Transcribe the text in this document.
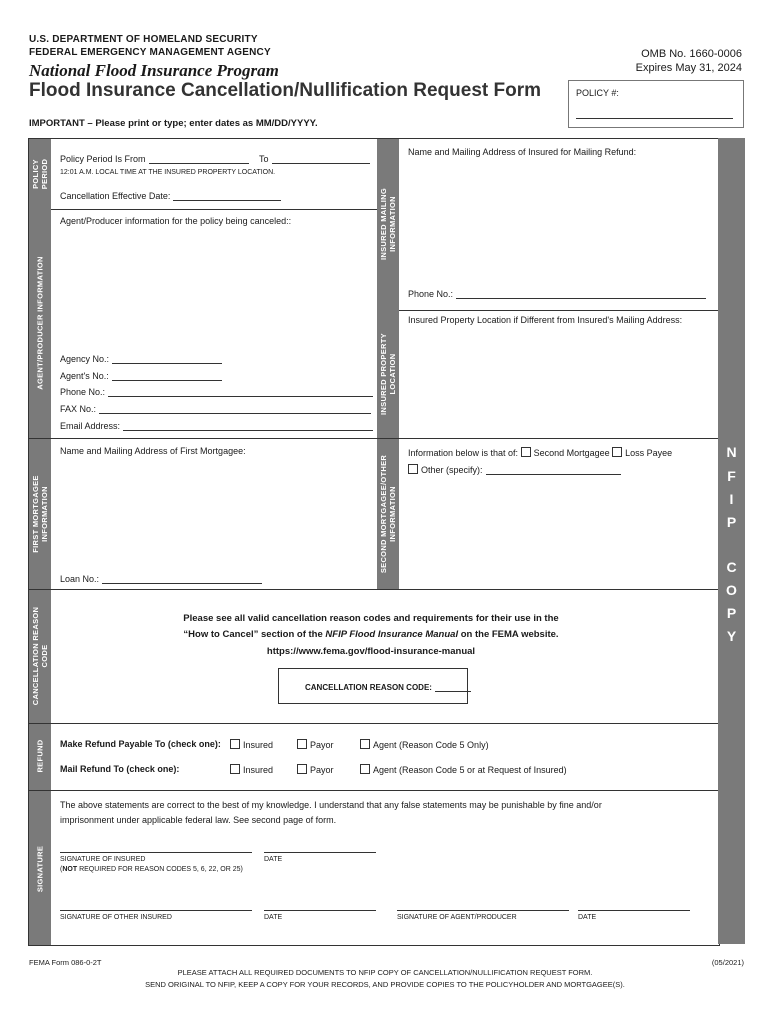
U.S. DEPARTMENT OF HOMELAND SECURITY
FEDERAL EMERGENCY MANAGEMENT AGENCY
National Flood Insurance Program
Flood Insurance Cancellation/Nullification Request Form
OMB No. 1660-0006
Expires May 31, 2024
POLICY #:
IMPORTANT – Please print or type; enter dates as MM/DD/YYYY.
POLICY
PERIOD
AGENT/PRODUCER INFORMATION
FIRST MORTGAGEE
INFORMATION
CANCELLATION REASON
CODE
REFUND
SIGNATURE
INSURED MAILING
INFORMATION
INSURED PROPERTY
LOCATION
SECOND MORTGAGEE/OTHER
INFORMATION
Policy Period Is From	To
12:01 A.M. LOCAL TIME AT THE INSURED PROPERTY LOCATION.
Cancellation Effective Date:
Name and Mailing Address of Insured for Mailing Refund:
Phone No.:
Agent/Producer information for the policy being canceled::
Agency No.:
Agent's No.:
Phone No.:
FAX No.:
Email Address:
Insured Property Location if Different from Insured's Mailing Address:
Name and Mailing Address of First Mortgagee:
Loan No.:
Information below is that of: Second Mortgagee Loss Payee
Other (specify):
Please see all valid cancellation reason codes and requirements for their use in the
“How to Cancel” section of the NFIP Flood Insurance Manual on the FEMA website.
https://www.fema.gov/flood-insurance-manual
CANCELLATION REASON CODE:
Make Refund Payable To (check one):	Insured	Payor	Agent (Reason Code 5 Only)
Mail Refund To (check one):	Insured	Payor	Agent (Reason Code 5 or at Request of Insured)
The above statements are correct to the best of my knowledge. I understand that any false statements may be punishable by fine and/or
imprisonment under applicable federal law. See second page of form.
SIGNATURE OF INSURED
(NOT REQUIRED FOR REASON CODES 5, 6, 22, OR 25)
DATE
SIGNATURE OF OTHER INSURED	DATE	SIGNATURE OF AGENT/PRODUCER	DATE
N
F
I
P
C
O
P
Y
FEMA Form 086-0-2T	(05/2021)
PLEASE ATTACH ALL REQUIRED DOCUMENTS TO NFIP COPY OF CANCELLATION/NULLIFICATION REQUEST FORM.
SEND ORIGINAL TO NFIP, KEEP A COPY FOR YOUR RECORDS, AND PROVIDE COPIES TO THE POLICYHOLDER AND MORTGAGEE(S).
